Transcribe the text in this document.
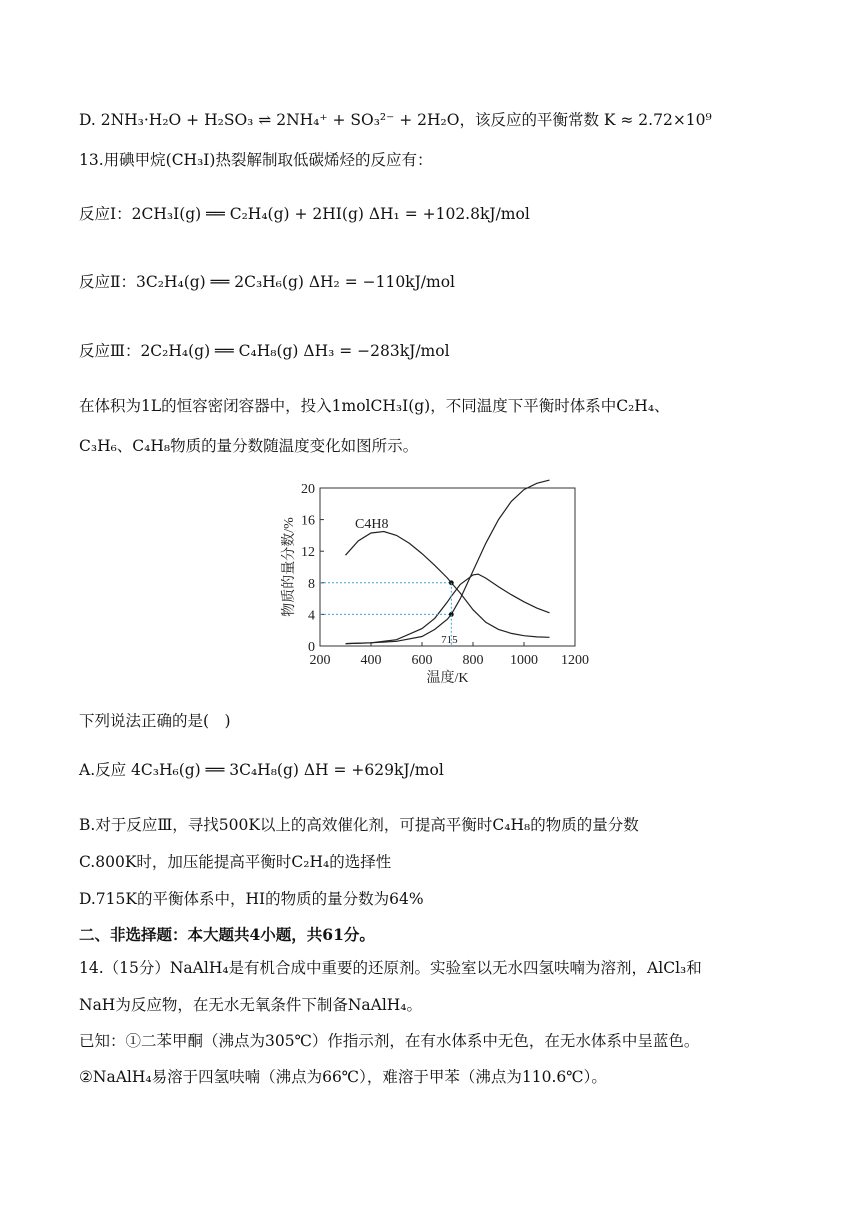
D. 2NH₃·H₂O + H₂SO₃ ⇌ 2NH₄⁺ + SO₃²⁻ + 2H₂O，该反应的平衡常数 K ≈ 2.72×10⁹
13.用碘甲烷(CH₃I)热裂解制取低碳烯烃的反应有：
反应Ⅰ：2CH₃I(g) ══ C₂H₄(g) + 2HI(g) ΔH₁ = +102.8kJ/mol
反应Ⅱ：3C₂H₄(g) ══ 2C₃H₆(g) ΔH₂ = −110kJ/mol
反应Ⅲ：2C₂H₄(g) ══ C₄H₈(g) ΔH₃ = −283kJ/mol
在体积为1L的恒容密闭容器中，投入1molCH₃I(g)，不同温度下平衡时体系中C₂H₄、
C₃H₆、C₄H₈物质的量分数随温度变化如图所示。
200 400 600 800 1000 1200
0
4
8
12
16
20
715
C4H8
温度/K
物质的量分数/%
下列说法正确的是(　)
A.反应 4C₃H₆(g) ══ 3C₄H₈(g) ΔH = +629kJ/mol
B.对于反应Ⅲ，寻找500K以上的高效催化剂，可提高平衡时C₄H₈的物质的量分数
C.800K时，加压能提高平衡时C₂H₄的选择性
D.715K的平衡体系中，HI的物质的量分数为64%
二、非选择题：本大题共4小题，共61分。
14.（15分）NaAlH₄是有机合成中重要的还原剂。实验室以无水四氢呋喃为溶剂，AlCl₃和
NaH为反应物，在无水无氧条件下制备NaAlH₄。
已知：①二苯甲酮（沸点为305℃）作指示剂，在有水体系中无色，在无水体系中呈蓝色。
②NaAlH₄易溶于四氢呋喃（沸点为66℃），难溶于甲苯（沸点为110.6℃）。
